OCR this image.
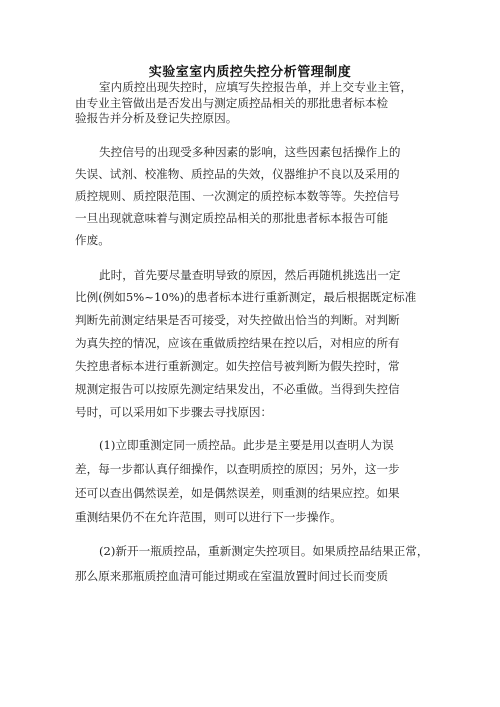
实验室室内质控失控分析管理制度
室内质控出现失控时，应填写失控报告单，并上交专业主管，
由专业主管做出是否发出与测定质控品相关的那批患者标本检
验报告并分析及登记失控原因。
失控信号的出现受多种因素的影响，这些因素包括操作上的
失误、试剂、校准物、质控品的失效，仪器维护不良以及采用的
质控规则、质控限范围、一次测定的质控标本数等等。失控信号
一旦出现就意味着与测定质控品相关的那批患者标本报告可能
作废。
此时，首先要尽量查明导致的原因，然后再随机挑选出一定
比例(例如5%~10%)的患者标本进行重新测定，最后根据既定标准
判断先前测定结果是否可接受，对失控做出恰当的判断。对判断
为真失控的情况，应该在重做质控结果在控以后，对相应的所有
失控患者标本进行重新测定。如失控信号被判断为假失控时，常
规测定报告可以按原先测定结果发出，不必重做。当得到失控信
号时，可以采用如下步骤去寻找原因：
(1)立即重测定同一质控品。此步是主要是用以查明人为误
差，每一步都认真仔细操作，以查明质控的原因；另外，这一步
还可以查出偶然误差，如是偶然误差，则重测的结果应控。如果
重测结果仍不在允许范围，则可以进行下一步操作。
(2)新开一瓶质控品，重新测定失控项目。如果质控品结果正常，
那么原来那瓶质控血清可能过期或在室温放置时间过长而变质
